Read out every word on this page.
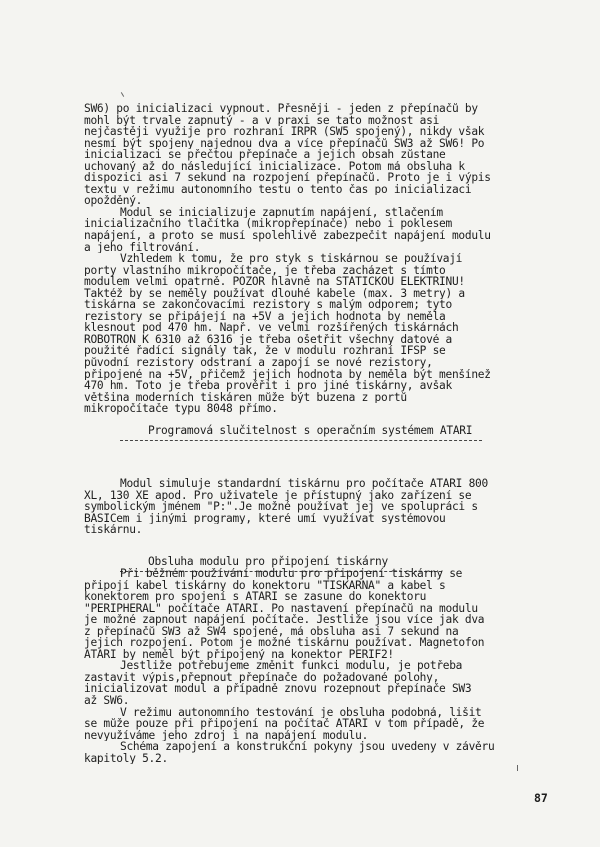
SW6) po inicializaci vypnout. Přesněji - jeden z přepínačů by
mohl být trvale zapnutý - a v praxi se tato možnost asi
nejčastěji využije pro rozhraní IRPR (SW5 spojený), nikdy však
nesmí být spojeny najednou dva a více přepínačů SW3 až SW6! Po
inicializaci se přečtou přepínače a jejich obsah zůstane
uchovaný až do následující inicializace. Potom má obsluha k
dispozici asi 7 sekund na rozpojení přepínačů. Proto je i výpis
textu v režimu autonomního testu o tento čas po inicializaci
opožděný.
Modul se inicializuje zapnutím napájení, stlačením
inicializačního tlačítka (mikropřepínače) nebo i poklesem
napájení, a proto se musí spolehlivě zabezpečit napájení modulu
a jeho filtrování.
Vzhledem k tomu, že pro styk s tiskárnou se používají
porty vlastního mikropočítače, je třeba zacházet s tímto
modulem velmi opatrně. POZOR hlavně na STATICKOU ELEKTRINU!
Taktéž by se neměly používat dlouhé kabele (max. 3 metry) a
tiskárna se zakončovacími rezistory s malým odporem; tyto
rezistory se připájejí na +5V a jejich hodnota by neměla
klesnout pod 470 hm. Např. ve velmi rozšířených tiskárnách
ROBOTRON K 6310 až 6316 je třeba ošetřit všechny datové a
použité řadící signály tak, že v modulu rozhraní IFSP se
původní rezistory odstraní a zapojí se nové rezistory,
připojené na +5V, přičemž jejich hodnota by neměla být menšínež
470 hm. Toto je třeba prověřit i pro jiné tiskárny, avšak
většina moderních tiskáren může být buzena z portů
mikropočítače typu 8048 přímo.
Programová slučitelnost s operačním systémem ATARI
Modul simuluje standardní tiskárnu pro počítače ATARI 800
XL, 130 XE apod. Pro uživatele je přístupný jako zařízení se
symbolickým jménem "P:".Je možné používat jej ve spolupráci s
BASICem i jinými programy, které umí využívat systémovou
tiskárnu.
Obsluha modulu pro připojení tiskárny
Při běžném používání modulu pro připojení tiskárny se
připojí kabel tiskárny do konektoru "TISKÁRNA" a kabel s
konektorem pro spojení s ATARI se zasune do konektoru
"PERIPHERAL" počítače ATARI. Po nastavení přepínačů na modulu
je možné zapnout napájení počítače. Jestliže jsou více jak dva
z přepínačů SW3 až SW4 spojené, má obsluha asi 7 sekund na
jejich rozpojení. Potom je možné tiskárnu používat. Magnetofon
ATARI by neměl být připojený na konektor PERIF2!
Jestliže potřebujeme změnit funkci modulu, je potřeba
zastavit výpis,přepnout přepínače do požadované polohy,
inicializovat modul a případně znovu rozepnout přepínače SW3
až SW6.
V režimu autonomního testování je obsluha podobná, lišit
se může pouze při připojení na počítač ATARI v tom případě, že
nevyužíváme jeho zdroj i na napájení modulu.
Schéma zapojení a konstrukční pokyny jsou uvedeny v závěru
kapitoly 5.2.
87
